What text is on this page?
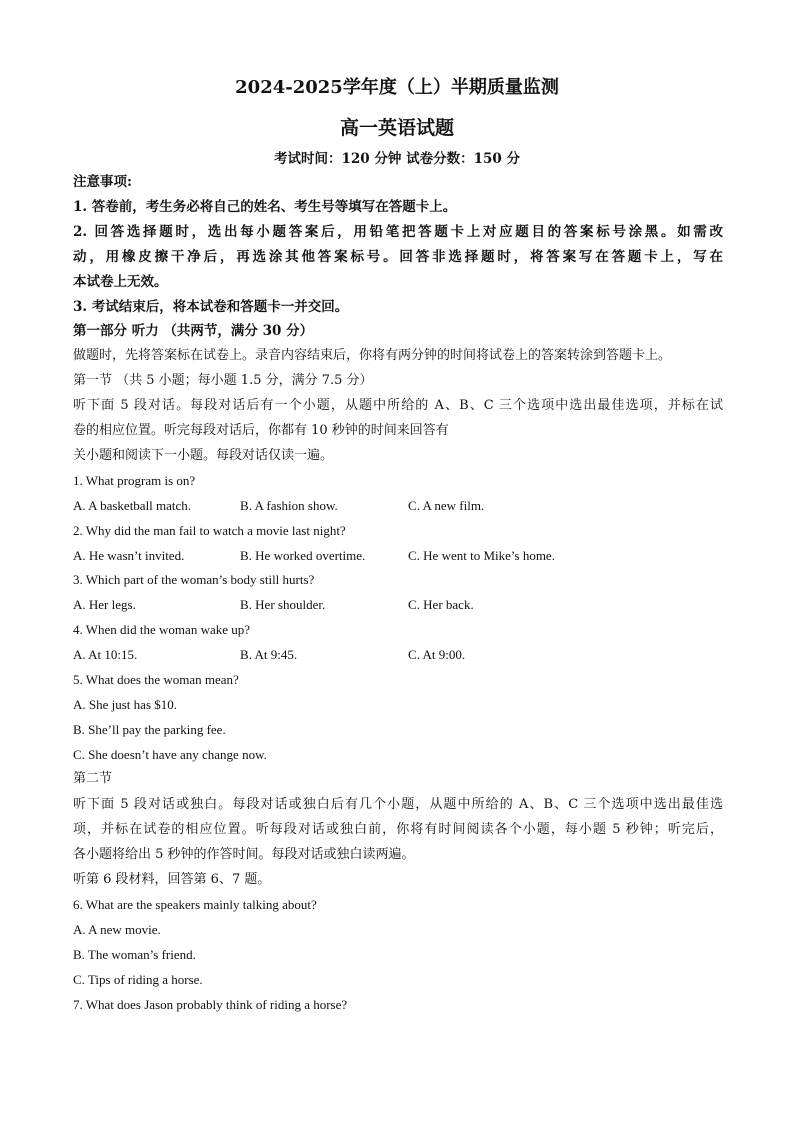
2024-2025学年度（上）半期质量监测
高一英语试题
考试时间：120 分钟 试卷分数：150 分
注意事项:
1. 答卷前，考生务必将自己的姓名、考生号等填写在答题卡上。
2. 回答选择题时，选出每小题答案后，用铅笔把答题卡上对应题目的答案标号涂黑。如需改
动，用橡皮擦干净后，再选涂其他答案标号。回答非选择题时，将答案写在答题卡上，写在
本试卷上无效。
3. 考试结束后，将本试卷和答题卡一并交回。
第一部分 听力 （共两节，满分 30 分）
做题时，先将答案标在试卷上。录音内容结束后，你将有两分钟的时间将试卷上的答案转涂到答题卡上。
第一节 （共 5 小题；每小题 1.5 分，满分 7.5 分）
听下面 5 段对话。每段对话后有一个小题，从题中所给的 A、B、C 三个选项中选出最佳选项，并标在试
卷的相应位置。听完每段对话后，你都有 10 秒钟的时间来回答有
关小题和阅读下一小题。每段对话仅读一遍。
1. What program is on?
A. A basketball match.	B. A fashion show.	C. A new film.
2. Why did the man fail to watch a movie last night?
A. He wasn’t invited.	B. He worked overtime.	C. He went to Mike’s home.
3. Which part of the woman’s body still hurts?
A. Her legs.	B. Her shoulder.	C. Her back.
4. When did the woman wake up?
A. At 10:15.	B. At 9:45.	C. At 9:00.
5. What does the woman mean?
A. She just has $10.
B. She’ll pay the parking fee.
C. She doesn’t have any change now.
第二节
听下面 5 段对话或独白。每段对话或独白后有几个小题，从题中所给的 A、B、C 三个选项中选出最佳选
项，并标在试卷的相应位置。听每段对话或独白前，你将有时间阅读各个小题，每小题 5 秒钟；听完后，
各小题将给出 5 秒钟的作答时间。每段对话或独白读两遍。
听第 6 段材料，回答第 6、7 题。
6. What are the speakers mainly talking about?
A. A new movie.
B. The woman’s friend.
C. Tips of riding a horse.
7. What does Jason probably think of riding a horse?
